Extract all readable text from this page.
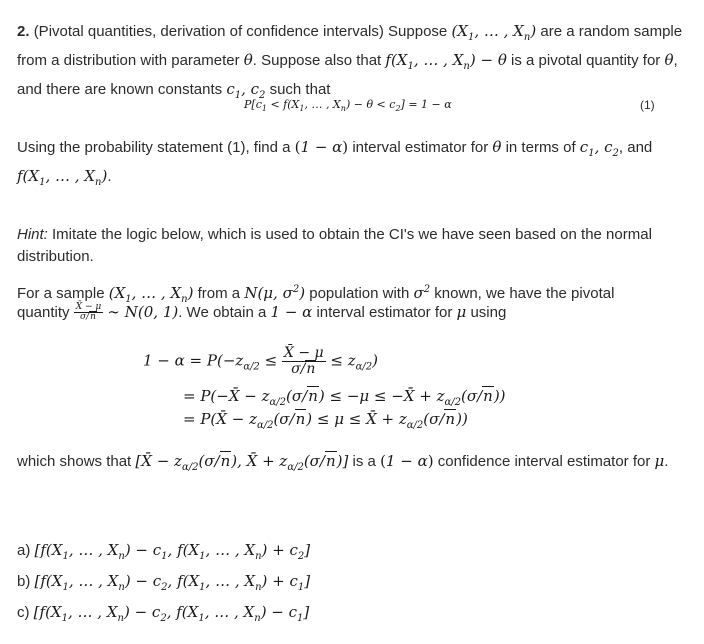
2. (Pivotal quantities, derivation of confidence intervals) Suppose ($X_1$, … , $X_n$) are a random sample from a distribution with parameter θ. Suppose also that $f(X_1$, … , $X_n) - \theta$ is a pivotal quantity for θ, and there are known constants $c_1$, $c_2$ such that
$P[c_1 < f(X_1$, … , $X_n) - \theta < c_2] = 1 - \alpha$	(1)
Using the probability statement (1), find a (1 − α) interval estimator for θ in terms of $c_1$, $c_2$, and $f(X_1$, … , $X_n$).
Hint: Imitate the logic below, which is used to obtain the CI's we have seen based on the normal distribution.
For a sample ($X_1$, … , $X_n$) from a N(μ, $\sigma^2$) population with $\sigma^2$ known, we have the pivotal
quantity $\frac{X̄ - \mu}{\sigma/n}$ ∼ N(0, 1). We obtain a 1 − α interval estimator for μ using
$1 - \alpha = P(-z_{\alpha/2} \le \frac{X̄ - \mu}{\sigma/n} \le z_{\alpha/2})$
= P(−X̄ − $z_{\alpha/2}(\sigma/n) \le -\mu$ ≤ −X̄ + $z_{\alpha/2}(\sigma/n)$)
= P(X̄ − $z_{\alpha/2}(\sigma/n) \le \mu$ ≤ X̄ + $z_{\alpha/2}(\sigma/n)$)
which shows that [X̄ − $z_{\alpha/2}(\sigma/n)$, X̄ + $z_{\alpha/2}(\sigma/n)$] is a (1 − α) confidence interval estimator for μ.
a) [$f(X_1$, … , $X_n) - c_1$, $f(X_1$, … , $X_n) + c_2$]
b) [$f(X_1$, … , $X_n) - c_2$, $f(X_1$, … , $X_n) + c_1$]
c) [$f(X_1$, … , $X_n) - c_2$, $f(X_1$, … , $X_n) - c_1$]
